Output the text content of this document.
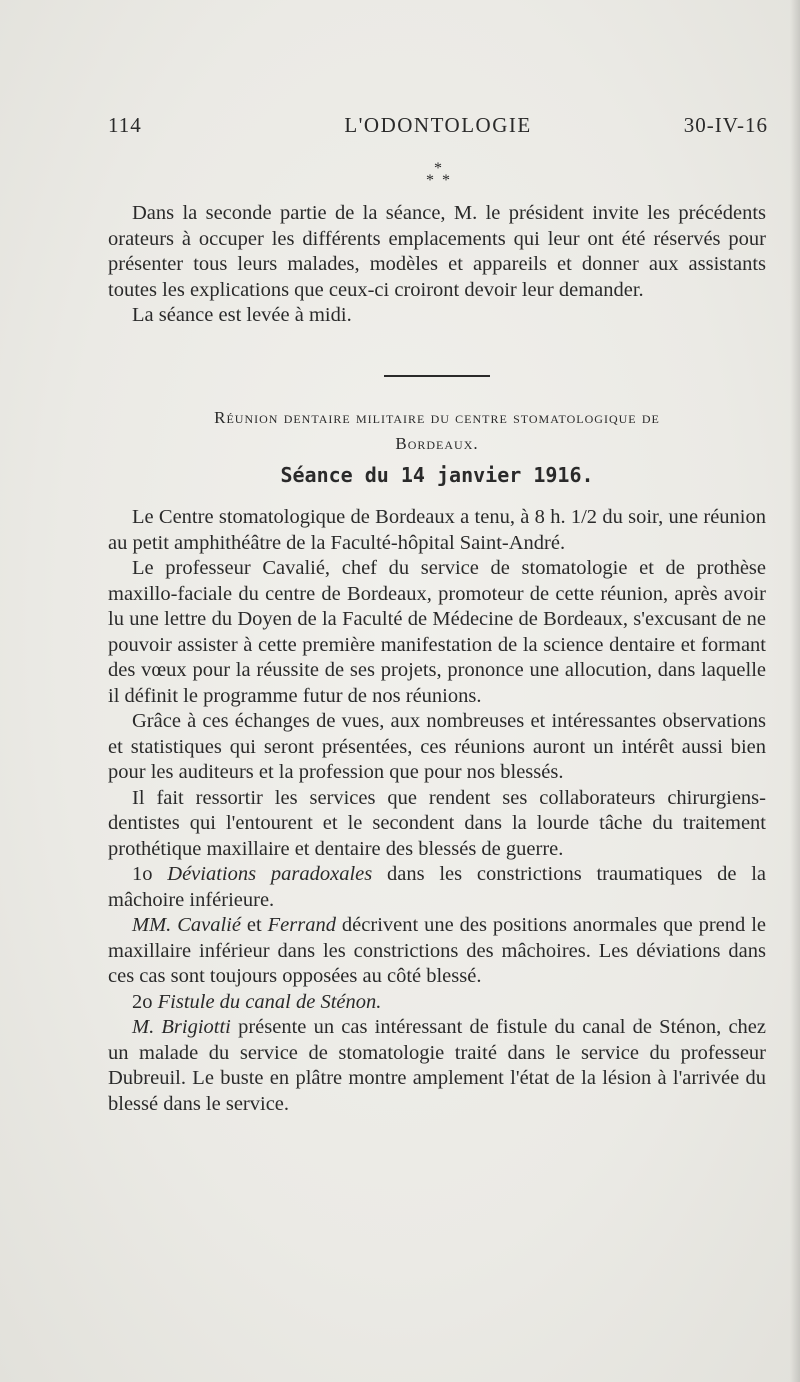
114	L'ODONTOLOGIE	30-IV-16
*
*  *

Dans la seconde partie de la séance, M. le président invite les précédents orateurs à occuper les différents emplacements qui leur ont été réservés pour présenter tous leurs malades, modèles et appareils et donner aux assistants toutes les explications que ceux-ci croiront devoir leur demander.

La séance est levée à midi.

Réunion dentaire militaire du centre stomatologique de
Bordeaux.
Séance du 14 janvier 1916.

Le Centre stomatologique de Bordeaux a tenu, à 8 h. 1/2 du soir, une réunion au petit amphithéâtre de la Faculté-hôpital Saint-André.

Le professeur Cavalié, chef du service de stomatologie et de prothèse maxillo-faciale du centre de Bordeaux, promoteur de cette réunion, après avoir lu une lettre du Doyen de la Faculté de Médecine de Bordeaux, s'excusant de ne pouvoir assister à cette première manifestation de la science dentaire et formant des vœux pour la réussite de ses projets, prononce une allocution, dans laquelle il définit le programme futur de nos réunions.

Grâce à ces échanges de vues, aux nombreuses et intéressantes observations et statistiques qui seront présentées, ces réunions auront un intérêt aussi bien pour les auditeurs et la profession que pour nos blessés.

Il fait ressortir les services que rendent ses collaborateurs chirurgiens-dentistes qui l'entourent et le secondent dans la lourde tâche du traitement prothétique maxillaire et dentaire des blessés de guerre.

1o Déviations paradoxales dans les constrictions traumatiques de la mâchoire inférieure.

MM. Cavalié et Ferrand décrivent une des positions anormales que prend le maxillaire inférieur dans les constrictions des mâchoires. Les déviations dans ces cas sont toujours opposées au côté blessé.

2o Fistule du canal de Sténon.

M. Brigiotti présente un cas intéressant de fistule du canal de Sténon, chez un malade du service de stomatologie traité dans le service du professeur Dubreuil. Le buste en plâtre montre amplement l'état de la lésion à l'arrivée du blessé dans le service.
